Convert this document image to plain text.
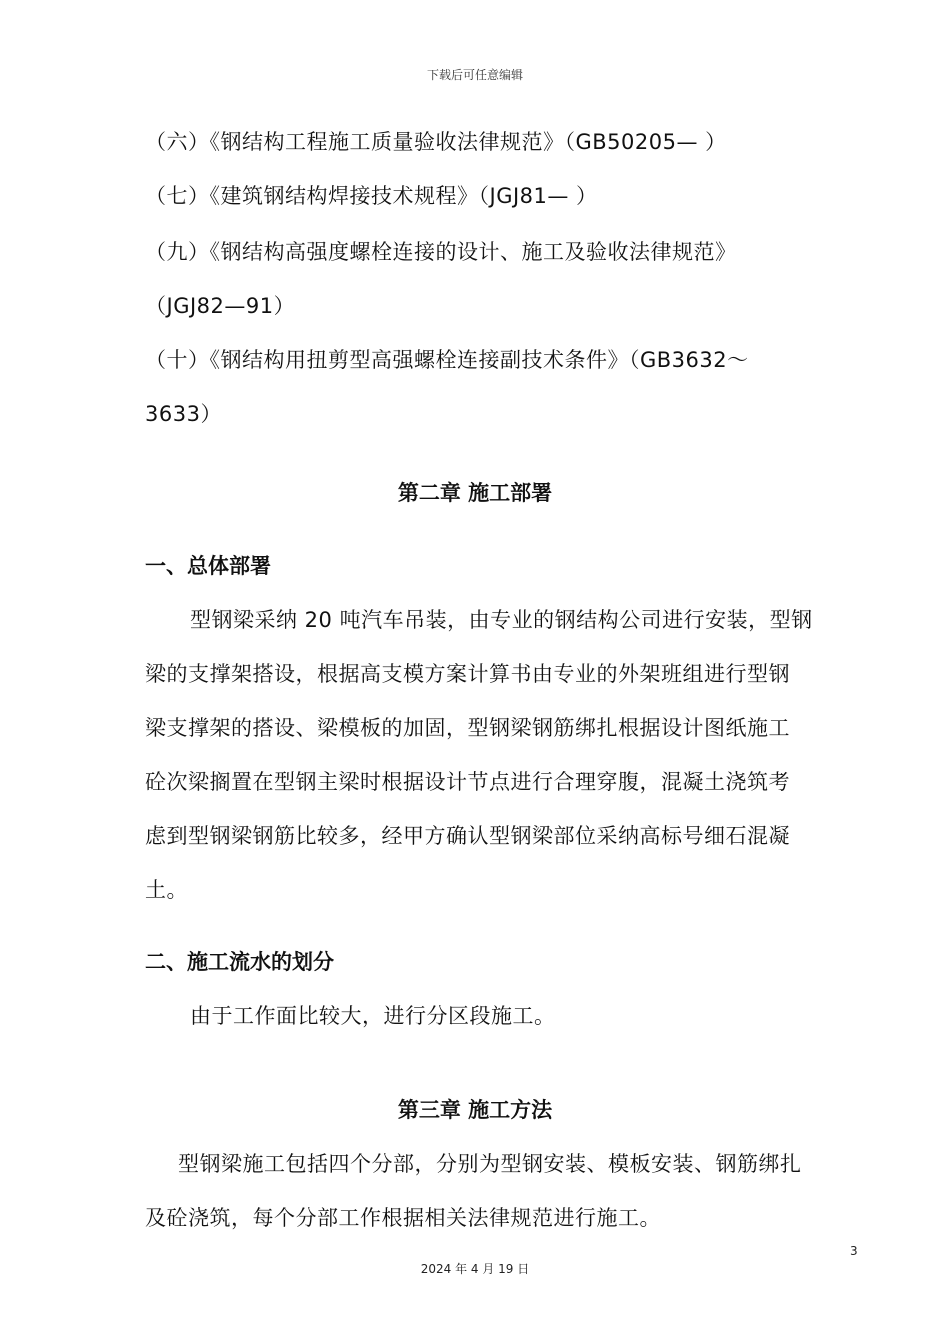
下载后可任意编辑
（六）《钢结构工程施工质量验收法律规范》（GB50205— ）
（七）《建筑钢结构焊接技术规程》（JGJ81— ）
（九）《钢结构高强度螺栓连接的设计、施工及验收法律规范》
（JGJ82—91）
（十）《钢结构用扭剪型高强螺栓连接副技术条件》（GB3632～
3633）
第二章 施工部署
一、总体部署
型钢梁采纳 20 吨汽车吊装，由专业的钢结构公司进行安装，型钢
梁的支撑架搭设，根据高支模方案计算书由专业的外架班组进行型钢
梁支撑架的搭设、梁模板的加固，型钢梁钢筋绑扎根据设计图纸施工
砼次梁搁置在型钢主梁时根据设计节点进行合理穿腹，混凝土浇筑考
虑到型钢梁钢筋比较多，经甲方确认型钢梁部位采纳高标号细石混凝
土。
二、施工流水的划分
由于工作面比较大，进行分区段施工。
第三章 施工方法
型钢梁施工包括四个分部，分别为型钢安装、模板安装、钢筋绑扎
及砼浇筑，每个分部工作根据相关法律规范进行施工。
3
2024 年 4 月 19 日
